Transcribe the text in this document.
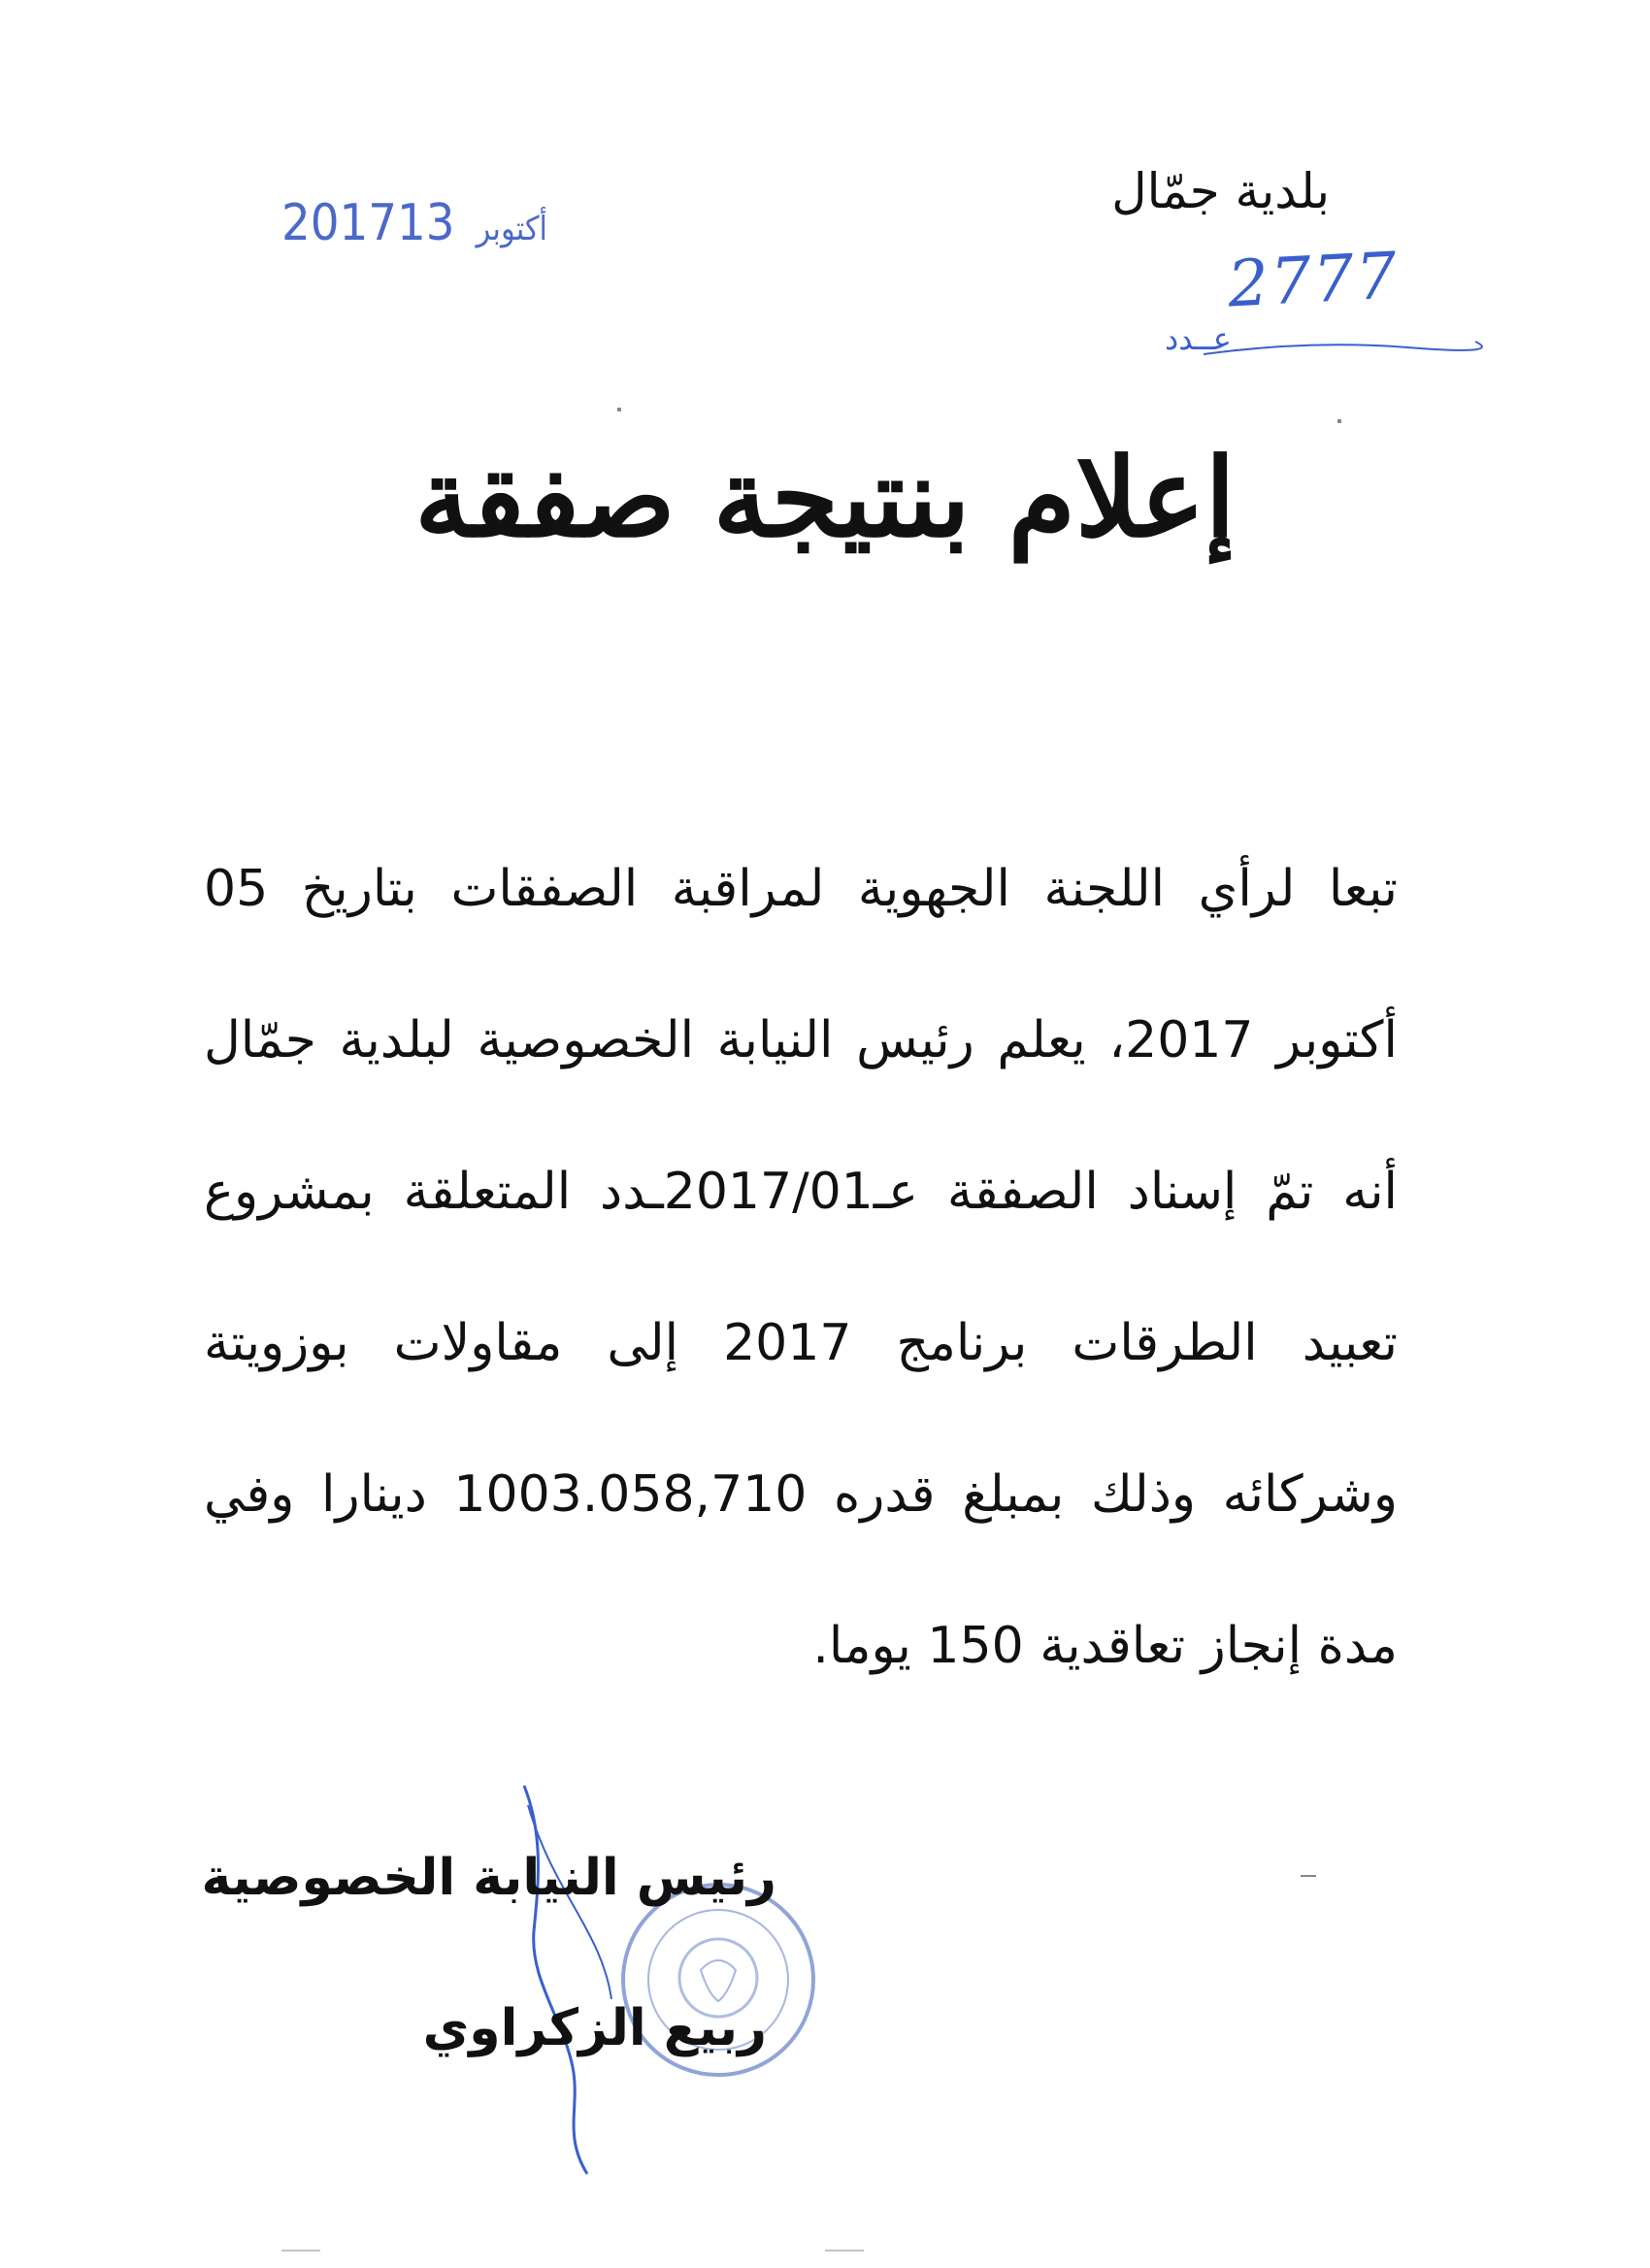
بلدية جمّال
2777
عــدد
2017 أكتوبر13
إعلام بنتيجة صفقة

تبعا لرأي اللجنة الجهوية لمراقبة الصفقات بتاريخ 05 أكتوبر 2017، يعلم رئيس النيابة الخصوصية لبلدية جمّال أنه تمّ إسناد الصفقة عـ2017/01ـدد المتعلقة بمشروع تعبيد الطرقات برنامج 2017 إلى مقاولات بوزويتة وشركائه وذلك بمبلغ قدره 1003.058,710 دينارا وفي مدة إنجاز تعاقدية 150 يوما.

رئيس النيابة الخصوصية
ربيع الزكراوي
